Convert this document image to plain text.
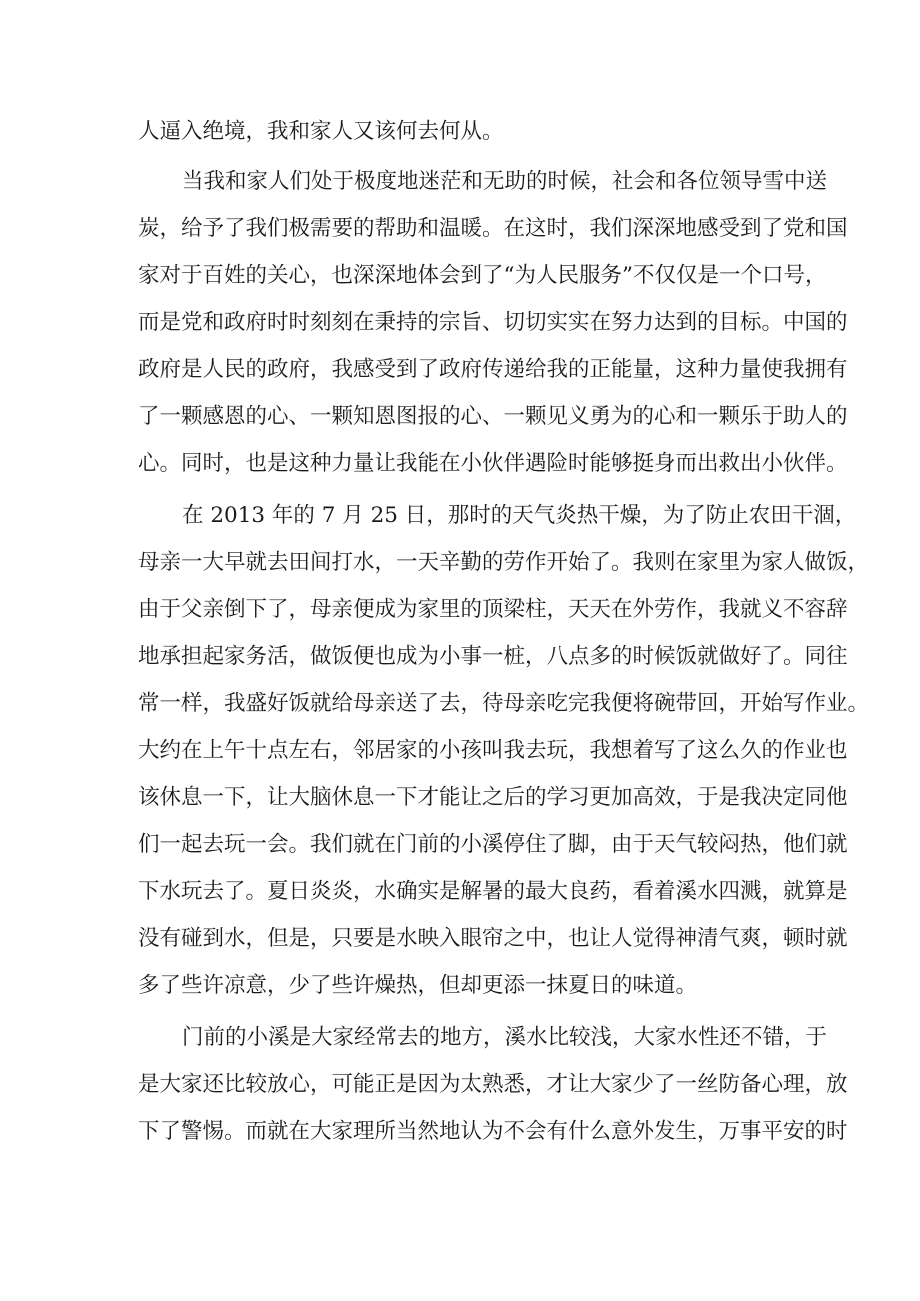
人逼入绝境，我和家人又该何去何从。
当我和家人们处于极度地迷茫和无助的时候，社会和各位领导雪中送
炭，给予了我们极需要的帮助和温暖。在这时，我们深深地感受到了党和国
家对于百姓的关心，也深深地体会到了“为人民服务”不仅仅是一个口号，
而是党和政府时时刻刻在秉持的宗旨、切切实实在努力达到的目标。中国的
政府是人民的政府，我感受到了政府传递给我的正能量，这种力量使我拥有
了一颗感恩的心、一颗知恩图报的心、一颗见义勇为的心和一颗乐于助人的
心。同时，也是这种力量让我能在小伙伴遇险时能够挺身而出救出小伙伴。
在 2013 年的 7 月 25 日，那时的天气炎热干燥，为了防止农田干涸，
母亲一大早就去田间打水，一天辛勤的劳作开始了。我则在家里为家人做饭，
由于父亲倒下了，母亲便成为家里的顶梁柱，天天在外劳作，我就义不容辞
地承担起家务活，做饭便也成为小事一桩，八点多的时候饭就做好了。同往
常一样，我盛好饭就给母亲送了去，待母亲吃完我便将碗带回，开始写作业。
大约在上午十点左右，邻居家的小孩叫我去玩，我想着写了这么久的作业也
该休息一下，让大脑休息一下才能让之后的学习更加高效，于是我决定同他
们一起去玩一会。我们就在门前的小溪停住了脚，由于天气较闷热，他们就
下水玩去了。夏日炎炎，水确实是解暑的最大良药，看着溪水四溅，就算是
没有碰到水，但是，只要是水映入眼帘之中，也让人觉得神清气爽，顿时就
多了些许凉意，少了些许燥热，但却更添一抹夏日的味道。
门前的小溪是大家经常去的地方，溪水比较浅，大家水性还不错，于
是大家还比较放心，可能正是因为太熟悉，才让大家少了一丝防备心理，放
下了警惕。而就在大家理所当然地认为不会有什么意外发生，万事平安的时
